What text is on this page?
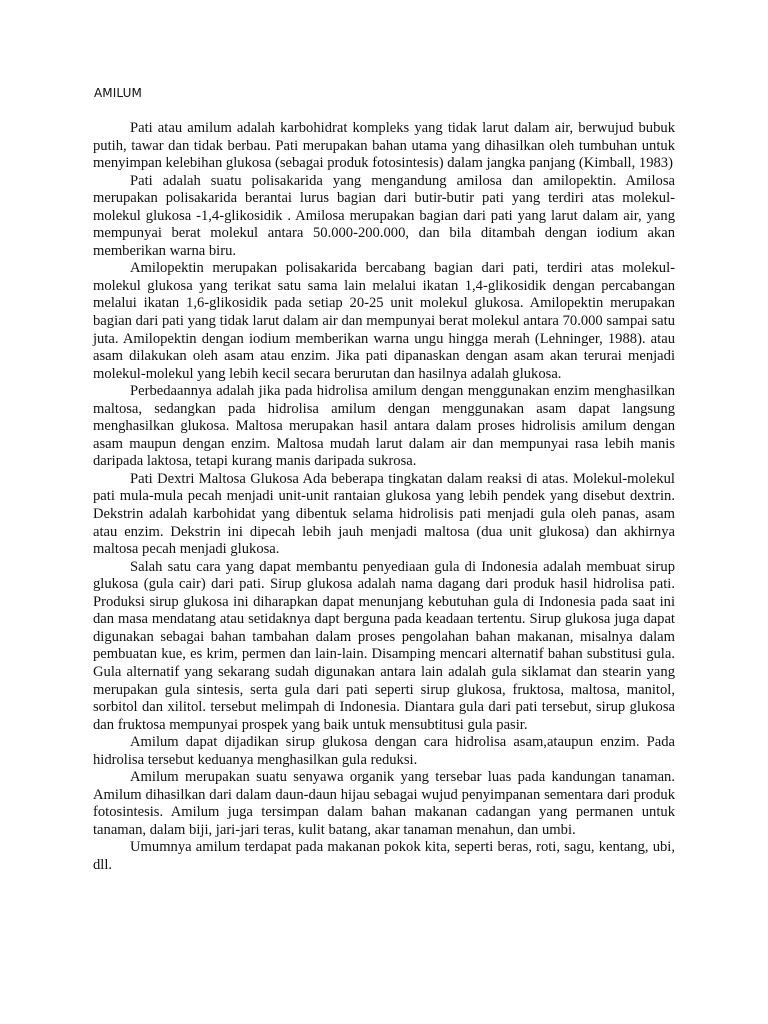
AMILUM

Pati atau amilum adalah karbohidrat kompleks yang tidak larut dalam air, berwujud bubuk putih, tawar dan tidak berbau. Pati merupakan bahan utama yang dihasilkan oleh tumbuhan untuk menyimpan kelebihan glukosa (sebagai produk fotosintesis) dalam jangka panjang (Kimball, 1983)

Pati adalah suatu polisakarida yang mengandung amilosa dan amilopektin. Amilosa merupakan polisakarida berantai lurus bagian dari butir-butir pati yang terdiri atas molekul-molekul glukosa -1,4-glikosidik . Amilosa merupakan bagian dari pati yang larut dalam air, yang mempunyai berat molekul antara 50.000-200.000, dan bila ditambah dengan iodium akan memberikan warna biru.

Amilopektin merupakan polisakarida bercabang bagian dari pati, terdiri atas molekul-molekul glukosa yang terikat satu sama lain melalui ikatan 1,4-glikosidik dengan percabangan melalui ikatan 1,6-glikosidik pada setiap 20-25 unit molekul glukosa. Amilopektin merupakan bagian dari pati yang tidak larut dalam air dan mempunyai berat molekul antara 70.000 sampai satu juta. Amilopektin dengan iodium memberikan warna ungu hingga merah (Lehninger, 1988). atau asam dilakukan oleh asam atau enzim. Jika pati dipanaskan dengan asam akan terurai menjadi molekul-molekul yang lebih kecil secara berurutan dan hasilnya adalah glukosa.

Perbedaannya adalah jika pada hidrolisa amilum dengan menggunakan enzim menghasilkan maltosa, sedangkan pada hidrolisa amilum dengan menggunakan asam dapat langsung menghasilkan glukosa. Maltosa merupakan hasil antara dalam proses hidrolisis amilum dengan asam maupun dengan enzim. Maltosa mudah larut dalam air dan mempunyai rasa lebih manis daripada laktosa, tetapi kurang manis daripada sukrosa.

Pati Dextri Maltosa Glukosa Ada beberapa tingkatan dalam reaksi di atas. Molekul-molekul pati mula-mula pecah menjadi unit-unit rantaian glukosa yang lebih pendek yang disebut dextrin. Dekstrin adalah karbohidat yang dibentuk selama hidrolisis pati menjadi gula oleh panas, asam atau enzim. Dekstrin ini dipecah lebih jauh menjadi maltosa (dua unit glukosa) dan akhirnya maltosa pecah menjadi glukosa.

Salah satu cara yang dapat membantu penyediaan gula di Indonesia adalah membuat sirup glukosa (gula cair) dari pati. Sirup glukosa adalah nama dagang dari produk hasil hidrolisa pati. Produksi sirup glukosa ini diharapkan dapat menunjang kebutuhan gula di Indonesia pada saat ini dan masa mendatang atau setidaknya dapt berguna pada keadaan tertentu. Sirup glukosa juga dapat digunakan sebagai bahan tambahan dalam proses pengolahan bahan makanan, misalnya dalam pembuatan kue, es krim, permen dan lain-lain. Disamping mencari alternatif bahan substitusi gula. Gula alternatif yang sekarang sudah digunakan antara lain adalah gula siklamat dan stearin yang merupakan gula sintesis, serta gula dari pati seperti sirup glukosa, fruktosa, maltosa, manitol, sorbitol dan xilitol. tersebut melimpah di Indonesia. Diantara gula dari pati tersebut, sirup glukosa dan fruktosa mempunyai prospek yang baik untuk mensubtitusi gula pasir.

Amilum dapat dijadikan sirup glukosa dengan cara hidrolisa asam,ataupun enzim. Pada hidrolisa tersebut keduanya menghasilkan gula reduksi.

Amilum merupakan suatu senyawa organik yang tersebar luas pada kandungan tanaman. Amilum dihasilkan dari dalam daun-daun hijau sebagai wujud penyimpanan sementara dari produk fotosintesis. Amilum juga tersimpan dalam bahan makanan cadangan yang permanen untuk tanaman, dalam biji, jari-jari teras, kulit batang, akar tanaman menahun, dan umbi.

Umumnya amilum terdapat pada makanan pokok kita, seperti beras, roti, sagu, kentang, ubi, dll.
